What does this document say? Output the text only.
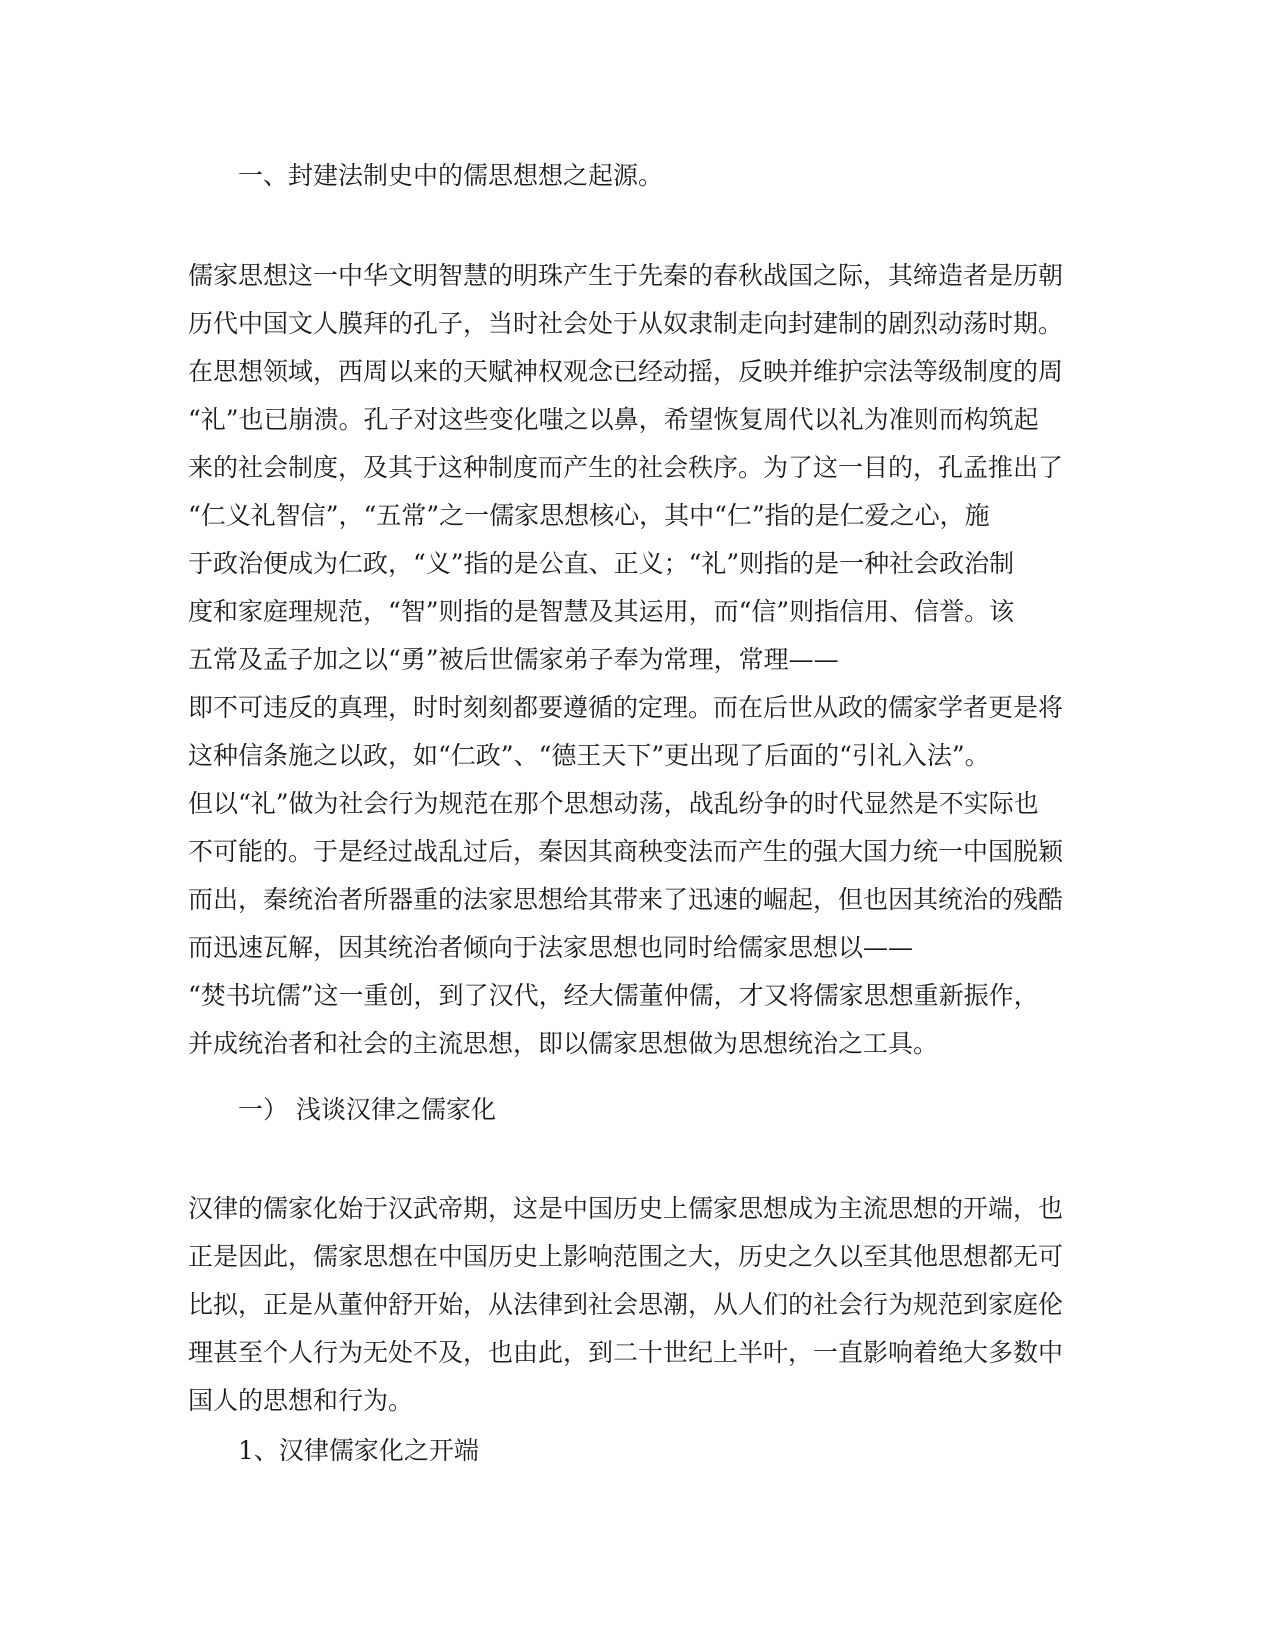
一、封建法制史中的儒思想想之起源。

儒家思想这一中华文明智慧的明珠产生于先秦的春秋战国之际，其缔造者是历朝
历代中国文人膜拜的孔子，当时社会处于从奴隶制走向封建制的剧烈动荡时期。
在思想领域，西周以来的天赋神权观念已经动摇，反映并维护宗法等级制度的周
“礼”也已崩溃。孔子对这些变化嗤之以鼻，希望恢复周代以礼为准则而构筑起
来的社会制度，及其于这种制度而产生的社会秩序。为了这一目的，孔孟推出了
“仁义礼智信”，“五常”之一儒家思想核心，其中“仁”指的是仁爱之心，施
于政治便成为仁政，“义”指的是公直、正义；“礼”则指的是一种社会政治制
度和家庭理规范，“智”则指的是智慧及其运用，而“信”则指信用、信誉。该
五常及孟子加之以“勇”被后世儒家弟子奉为常理，常理——
即不可违反的真理，时时刻刻都要遵循的定理。而在后世从政的儒家学者更是将
这种信条施之以政，如“仁政”、“德王天下”更出现了后面的“引礼入法”。
但以“礼”做为社会行为规范在那个思想动荡，战乱纷争的时代显然是不实际也
不可能的。于是经过战乱过后，秦因其商秧变法而产生的强大国力统一中国脱颖
而出，秦统治者所器重的法家思想给其带来了迅速的崛起，但也因其统治的残酷
而迅速瓦解，因其统治者倾向于法家思想也同时给儒家思想以——
“焚书坑儒”这一重创，到了汉代，经大儒董仲儒，才又将儒家思想重新振作，
并成统治者和社会的主流思想，即以儒家思想做为思想统治之工具。

一） 浅谈汉律之儒家化

汉律的儒家化始于汉武帝期，这是中国历史上儒家思想成为主流思想的开端，也
正是因此，儒家思想在中国历史上影响范围之大，历史之久以至其他思想都无可
比拟，正是从董仲舒开始，从法律到社会思潮，从人们的社会行为规范到家庭伦
理甚至个人行为无处不及，也由此，到二十世纪上半叶，一直影响着绝大多数中
国人的思想和行为。

1、汉律儒家化之开端
